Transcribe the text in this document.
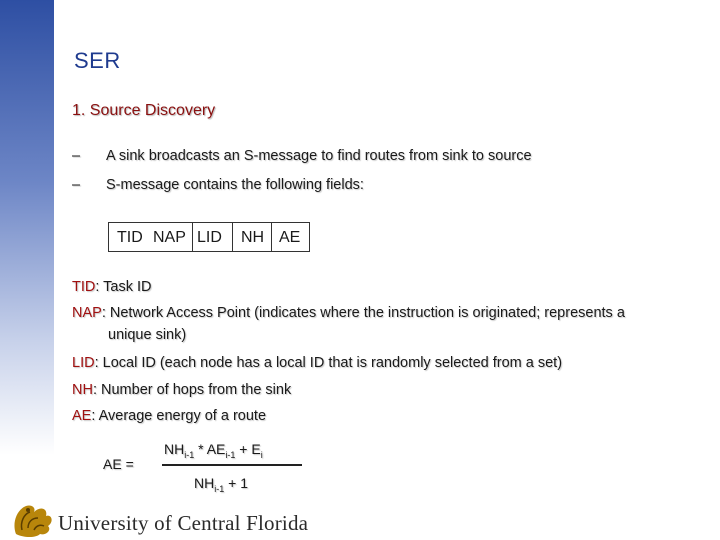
SER
1. Source Discovery
– A sink broadcasts an S-message to find routes from sink to source
– S-message contains the following fields:
TID NAP LID NH AE
TID: Task ID
NAP: Network Access Point (indicates where the instruction is originated; represents a
unique sink)
LID: Local ID (each node has a local ID that is randomly selected from a set)
NH: Number of hops from the sink
AE: Average energy of a route
AE =
$NH_{i-1} * AE_{i-1} + E_i$
$NH_{i-1} + 1$
University of Central Florida
